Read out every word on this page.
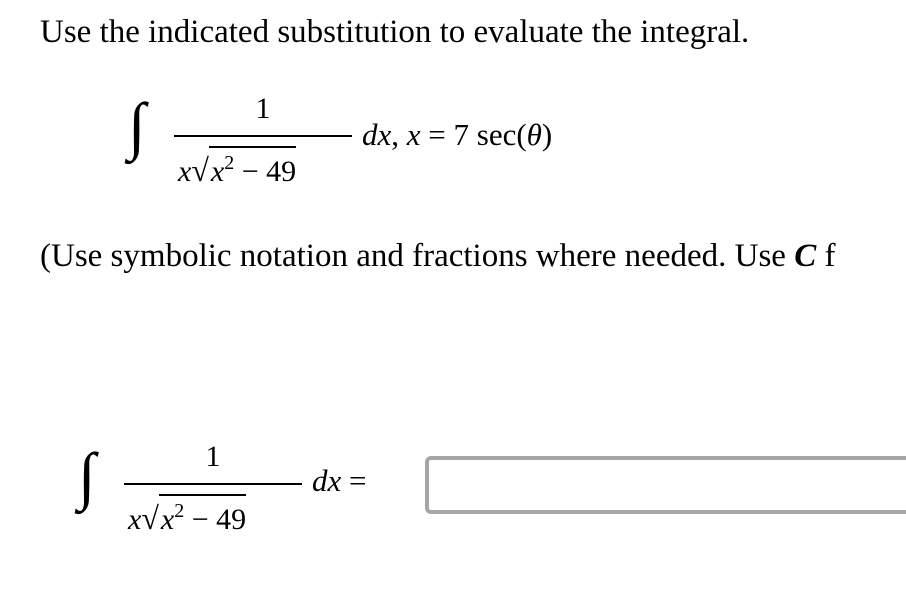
Use the indicated substitution to evaluate the integral.
∫	1
$x√x^2 - 49$
dx, x = 7 sec(θ)
(Use symbolic notation and fractions where needed. Use C f
∫	1
$x√x^2 - 49$
dx =
